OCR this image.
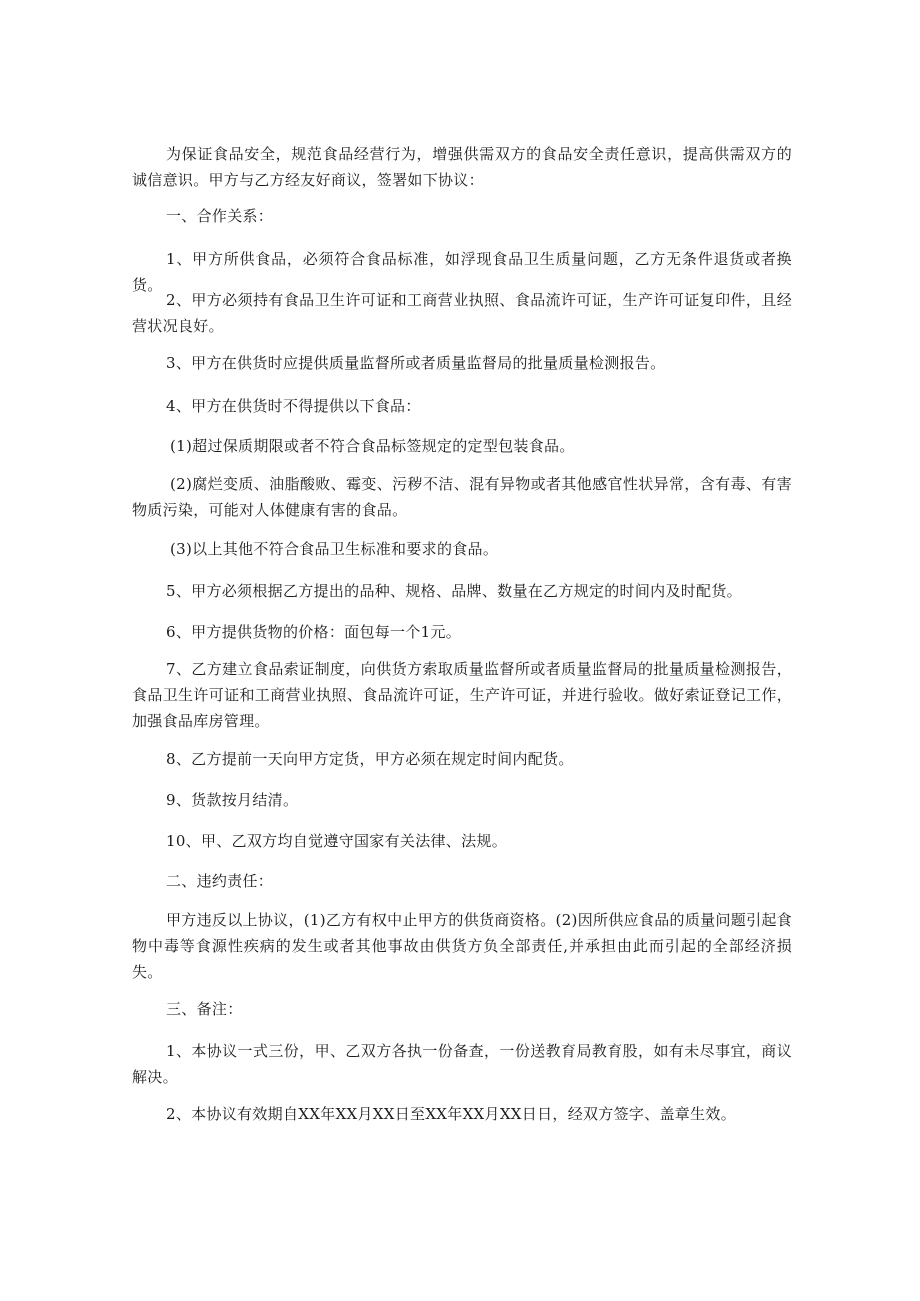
为保证食品安全，规范食品经营行为，增强供需双方的食品安全责任意识，提高供需双方的诚信意识。甲方与乙方经友好商议，签署如下协议：

一、合作关系：

1、甲方所供食品，必须符合食品标准，如浮现食品卫生质量问题，乙方无条件退货或者换货。

2、甲方必须持有食品卫生许可证和工商营业执照、食品流许可证，生产许可证复印件，且经营状况良好。

3、甲方在供货时应提供质量监督所或者质量监督局的批量质量检测报告。

4、甲方在供货时不得提供以下食品：

(1)超过保质期限或者不符合食品标签规定的定型包装食品。

(2)腐烂变质、油脂酸败、霉变、污秽不洁、混有异物或者其他感官性状异常，含有毒、有害物质污染，可能对人体健康有害的食品。

(3)以上其他不符合食品卫生标准和要求的食品。

5、甲方必须根据乙方提出的品种、规格、品牌、数量在乙方规定的时间内及时配货。

6、甲方提供货物的价格：面包每一个1元。

7、乙方建立食品索证制度，向供货方索取质量监督所或者质量监督局的批量质量检测报告，食品卫生许可证和工商营业执照、食品流许可证，生产许可证，并进行验收。做好索证登记工作，加强食品库房管理。

8、乙方提前一天向甲方定货，甲方必须在规定时间内配货。

9、货款按月结清。

10、甲、乙双方均自觉遵守国家有关法律、法规。

二、违约责任：

甲方违反以上协议，(1)乙方有权中止甲方的供货商资格。(2)因所供应食品的质量问题引起食物中毒等食源性疾病的发生或者其他事故由供货方负全部责任,并承担由此而引起的全部经济损失。

三、备注：

1、本协议一式三份，甲、乙双方各执一份备查，一份送教育局教育股，如有未尽事宜，商议解决。

2、本协议有效期自XX年XX月XX日至XX年XX月XX日日，经双方签字、盖章生效。
